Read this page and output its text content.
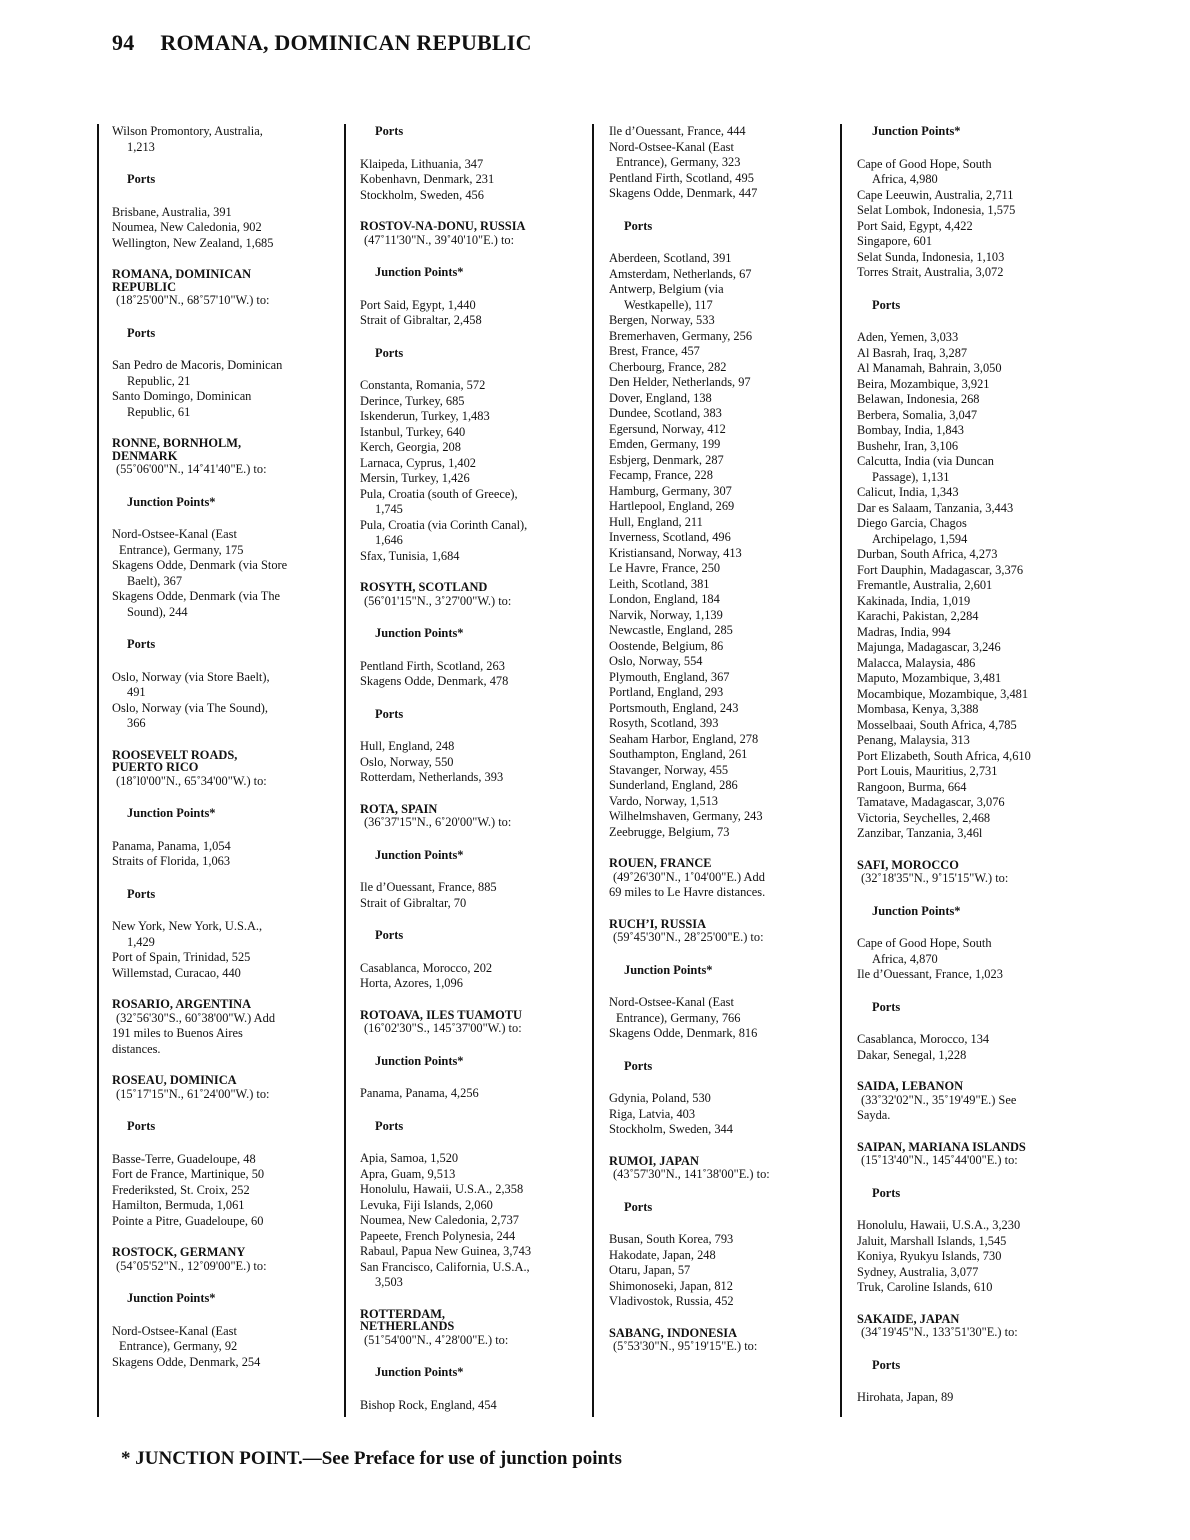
94 ROMANA, DOMINICAN REPUBLIC
Wilson Promontory, Australia,
1,213
Ports
Brisbane, Australia, 391
Noumea, New Caledonia, 902
Wellington, New Zealand, 1,685
ROMANA, DOMINICAN
REPUBLIC
(18˚25'00"N., 68˚57'10"W.) to:
Ports
San Pedro de Macoris, Dominican
Republic, 21
Santo Domingo, Dominican
Republic, 61
RONNE, BORNHOLM,
DENMARK
(55˚06'00"N., 14˚41'40"E.) to:
Junction Points*
Nord-Ostsee-Kanal (East
Entrance), Germany, 175
Skagens Odde, Denmark (via Store
Baelt), 367
Skagens Odde, Denmark (via The
Sound), 244
Ports
Oslo, Norway (via Store Baelt),
491
Oslo, Norway (via The Sound),
366
ROOSEVELT ROADS,
PUERTO RICO
(18˚l0'00"N., 65˚34'00"W.) to:
Junction Points*
Panama, Panama, 1,054
Straits of Florida, 1,063
Ports
New York, New York, U.S.A.,
1,429
Port of Spain, Trinidad, 525
Willemstad, Curacao, 440
ROSARIO, ARGENTINA
(32˚56'30"S., 60˚38'00"W.) Add
191 miles to Buenos Aires
distances.
ROSEAU, DOMINICA
(15˚17'15"N., 61˚24'00"W.) to:
Ports
Basse-Terre, Guadeloupe, 48
Fort de France, Martinique, 50
Frederiksted, St. Croix, 252
Hamilton, Bermuda, 1,061
Pointe a Pitre, Guadeloupe, 60
ROSTOCK, GERMANY
(54˚05'52"N., 12˚09'00"E.) to:
Junction Points*
Nord-Ostsee-Kanal (East
Entrance), Germany, 92
Skagens Odde, Denmark, 254
Ports
Klaipeda, Lithuania, 347
Kobenhavn, Denmark, 231
Stockholm, Sweden, 456
ROSTOV-NA-DONU, RUSSIA
(47˚11'30"N., 39˚40'10"E.) to:
Junction Points*
Port Said, Egypt, 1,440
Strait of Gibraltar, 2,458
Ports
Constanta, Romania, 572
Derince, Turkey, 685
Iskenderun, Turkey, 1,483
Istanbul, Turkey, 640
Kerch, Georgia, 208
Larnaca, Cyprus, 1,402
Mersin, Turkey, 1,426
Pula, Croatia (south of Greece),
1,745
Pula, Croatia (via Corinth Canal),
1,646
Sfax, Tunisia, 1,684
ROSYTH, SCOTLAND
(56˚01'15"N., 3˚27'00"W.) to:
Junction Points*
Pentland Firth, Scotland, 263
Skagens Odde, Denmark, 478
Ports
Hull, England, 248
Oslo, Norway, 550
Rotterdam, Netherlands, 393
ROTA, SPAIN
(36˚37'15"N., 6˚20'00"W.) to:
Junction Points*
Ile d’Ouessant, France, 885
Strait of Gibraltar, 70
Ports
Casablanca, Morocco, 202
Horta, Azores, 1,096
ROTOAVA, ILES TUAMOTU
(16˚02'30"S., 145˚37'00"W.) to:
Junction Points*
Panama, Panama, 4,256
Ports
Apia, Samoa, 1,520
Apra, Guam, 9,513
Honolulu, Hawaii, U.S.A., 2,358
Levuka, Fiji Islands, 2,060
Noumea, New Caledonia, 2,737
Papeete, French Polynesia, 244
Rabaul, Papua New Guinea, 3,743
San Francisco, California, U.S.A.,
3,503
ROTTERDAM,
NETHERLANDS
(51˚54'00"N., 4˚28'00"E.) to:
Junction Points*
Bishop Rock, England, 454
Ile d’Ouessant, France, 444
Nord-Ostsee-Kanal (East
Entrance), Germany, 323
Pentland Firth, Scotland, 495
Skagens Odde, Denmark, 447
Ports
Aberdeen, Scotland, 391
Amsterdam, Netherlands, 67
Antwerp, Belgium (via
Westkapelle), 117
Bergen, Norway, 533
Bremerhaven, Germany, 256
Brest, France, 457
Cherbourg, France, 282
Den Helder, Netherlands, 97
Dover, England, 138
Dundee, Scotland, 383
Egersund, Norway, 412
Emden, Germany, 199
Esbjerg, Denmark, 287
Fecamp, France, 228
Hamburg, Germany, 307
Hartlepool, England, 269
Hull, England, 211
Inverness, Scotland, 496
Kristiansand, Norway, 413
Le Havre, France, 250
Leith, Scotland, 381
London, England, 184
Narvik, Norway, 1,139
Newcastle, England, 285
Oostende, Belgium, 86
Oslo, Norway, 554
Plymouth, England, 367
Portland, England, 293
Portsmouth, England, 243
Rosyth, Scotland, 393
Seaham Harbor, England, 278
Southampton, England, 261
Stavanger, Norway, 455
Sunderland, England, 286
Vardo, Norway, 1,513
Wilhelmshaven, Germany, 243
Zeebrugge, Belgium, 73
ROUEN, FRANCE
(49˚26'30"N., 1˚04'00"E.) Add
69 miles to Le Havre distances.
RUCH’I, RUSSIA
(59˚45'30"N., 28˚25'00"E.) to:
Junction Points*
Nord-Ostsee-Kanal (East
Entrance), Germany, 766
Skagens Odde, Denmark, 816
Ports
Gdynia, Poland, 530
Riga, Latvia, 403
Stockholm, Sweden, 344
RUMOI, JAPAN
(43˚57'30"N., 141˚38'00"E.) to:
Ports
Busan, South Korea, 793
Hakodate, Japan, 248
Otaru, Japan, 57
Shimonoseki, Japan, 812
Vladivostok, Russia, 452
SABANG, INDONESIA
(5˚53'30"N., 95˚19'15"E.) to:
Junction Points*
Cape of Good Hope, South
Africa, 4,980
Cape Leeuwin, Australia, 2,711
Selat Lombok, Indonesia, 1,575
Port Said, Egypt, 4,422
Singapore, 601
Selat Sunda, Indonesia, 1,103
Torres Strait, Australia, 3,072
Ports
Aden, Yemen, 3,033
Al Basrah, Iraq, 3,287
Al Manamah, Bahrain, 3,050
Beira, Mozambique, 3,921
Belawan, Indonesia, 268
Berbera, Somalia, 3,047
Bombay, India, 1,843
Bushehr, Iran, 3,106
Calcutta, India (via Duncan
Passage), 1,131
Calicut, India, 1,343
Dar es Salaam, Tanzania, 3,443
Diego Garcia, Chagos
Archipelago, 1,594
Durban, South Africa, 4,273
Fort Dauphin, Madagascar, 3,376
Fremantle, Australia, 2,601
Kakinada, India, 1,019
Karachi, Pakistan, 2,284
Madras, India, 994
Majunga, Madagascar, 3,246
Malacca, Malaysia, 486
Maputo, Mozambique, 3,481
Mocambique, Mozambique, 3,481
Mombasa, Kenya, 3,388
Mosselbaai, South Africa, 4,785
Penang, Malaysia, 313
Port Elizabeth, South Africa, 4,610
Port Louis, Mauritius, 2,731
Rangoon, Burma, 664
Tamatave, Madagascar, 3,076
Victoria, Seychelles, 2,468
Zanzibar, Tanzania, 3,46l
SAFI, MOROCCO
(32˚18'35"N., 9˚15'15"W.) to:
Junction Points*
Cape of Good Hope, South
Africa, 4,870
Ile d’Ouessant, France, 1,023
Ports
Casablanca, Morocco, 134
Dakar, Senegal, 1,228
SAIDA, LEBANON
(33˚32'02"N., 35˚19'49"E.) See
Sayda.
SAIPAN, MARIANA ISLANDS
(15˚13'40"N., 145˚44'00"E.) to:
Ports
Honolulu, Hawaii, U.S.A., 3,230
Jaluit, Marshall Islands, 1,545
Koniya, Ryukyu Islands, 730
Sydney, Australia, 3,077
Truk, Caroline Islands, 610
SAKAIDE, JAPAN
(34˚19'45"N., 133˚51'30"E.) to:
Ports
Hirohata, Japan, 89
* JUNCTION POINT.—See Preface for use of junction points
